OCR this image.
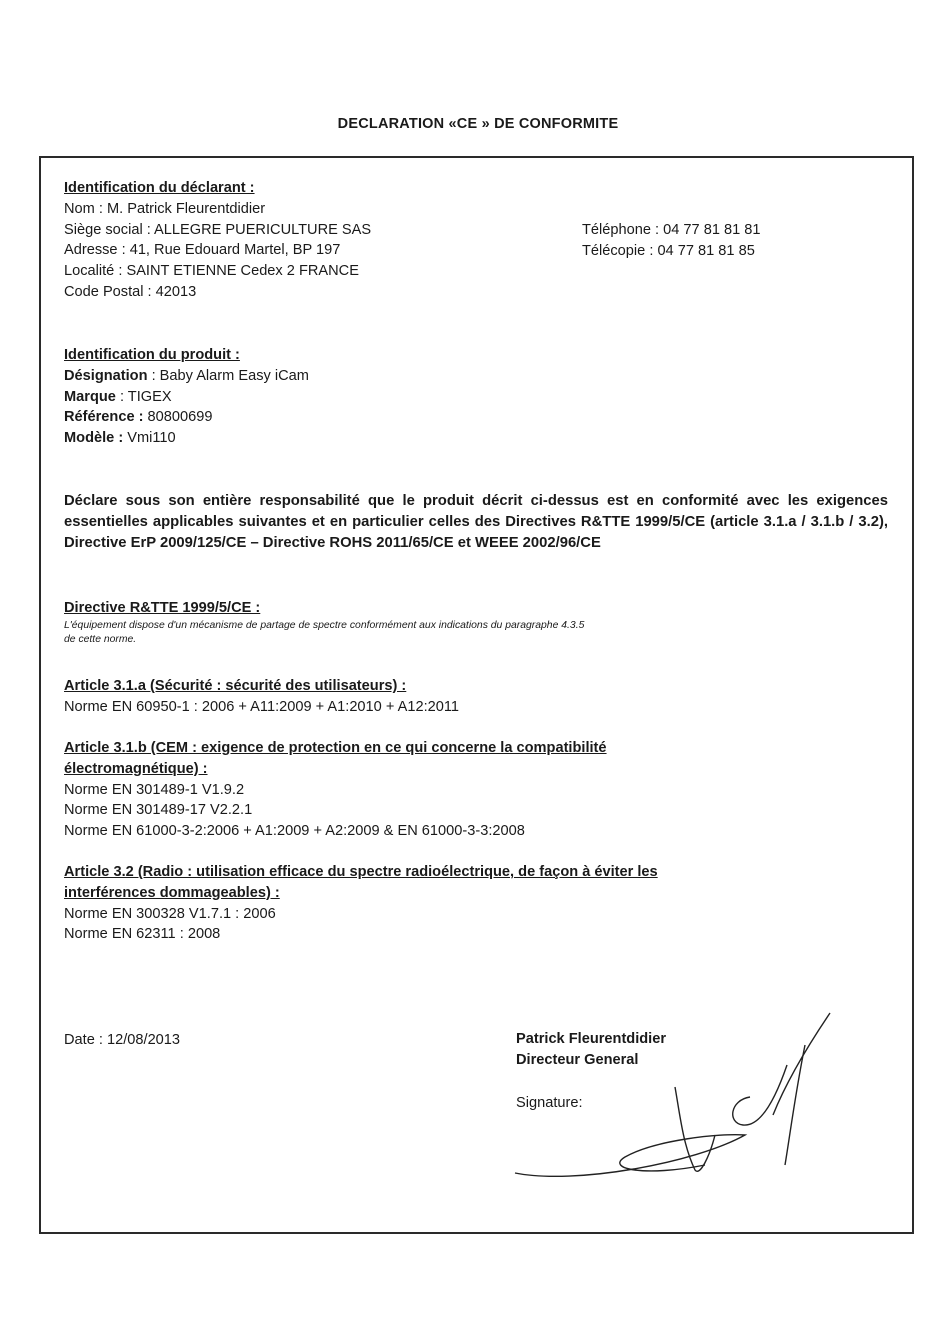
DECLARATION «CE » DE CONFORMITE
Identification du déclarant :
Nom : M. Patrick Fleurentdidier
Siège social : ALLEGRE PUERICULTURE SAS
Adresse : 41, Rue Edouard Martel, BP 197
Localité : SAINT ETIENNE Cedex 2 FRANCE
Code Postal : 42013
Téléphone : 04 77 81 81 81
Télécopie : 04 77 81 81 85
Identification du produit :
Désignation : Baby Alarm Easy iCam
Marque : TIGEX
Référence : 80800699
Modèle : Vmi110
Déclare sous son entière responsabilité que le produit décrit ci-dessus est en conformité avec les exigences essentielles applicables suivantes et en particulier celles des Directives R&TTE 1999/5/CE (article 3.1.a / 3.1.b / 3.2), Directive ErP 2009/125/CE – Directive ROHS 2011/65/CE et WEEE 2002/96/CE
Directive R&TTE 1999/5/CE :
L'équipement dispose d'un mécanisme de partage de spectre conformément aux indications du paragraphe 4.3.5
de cette norme.
Article 3.1.a (Sécurité : sécurité des utilisateurs) :
Norme EN 60950-1 : 2006 + A11:2009 + A1:2010 + A12:2011
Article 3.1.b (CEM : exigence de protection en ce qui concerne la compatibilité
électromagnétique) :
Norme EN 301489-1 V1.9.2
Norme EN 301489-17 V2.2.1
Norme EN 61000-3-2:2006 + A1:2009 + A2:2009 & EN 61000-3-3:2008
Article 3.2 (Radio : utilisation efficace du spectre radioélectrique, de façon à éviter les
interférences dommageables) :
Norme EN 300328 V1.7.1 : 2006
Norme EN 62311 : 2008
Date : 12/08/2013	Patrick Fleurentdidier
Directeur General
Signature:
